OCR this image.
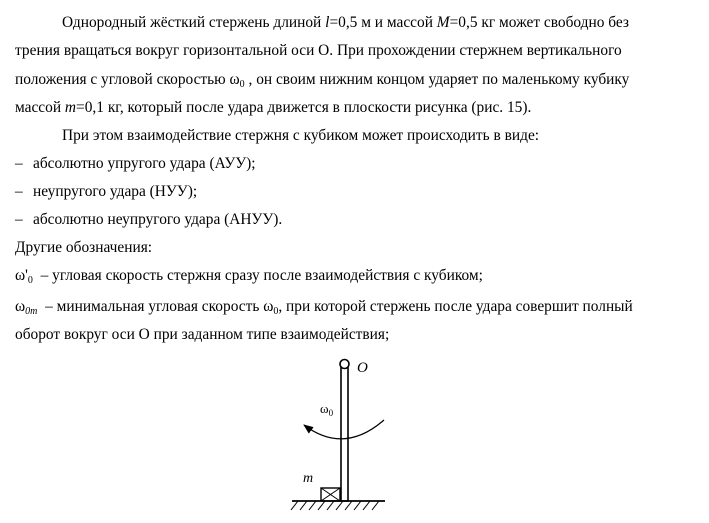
Однородный жёсткий стержень длиной l=0,5 м и массой M=0,5 кг может свободно без
трения вращаться вокруг горизонтальной оси О. При прохождении стержнем вертикального
положения с угловой скоростью $\omega_0$ , он своим нижним концом ударяет по маленькому кубику
массой m=0,1 кг, который после удара движется в плоскости рисунка (рис. 15).
При этом взаимодействие стержня с кубиком может происходить в виде:
– абсолютно упругого удара (АУУ);
– неупругого удара (НУУ);
– абсолютно неупругого удара (АНУУ).
Другие обозначения:
$\omega'_0$  – угловая скорость стержня сразу после взаимодействия с кубиком;
$\omega_{0m}$  – минимальная угловая скорость $\omega_0$, при которой стержень после удара совершит полный
оборот вокруг оси О при заданном типе взаимодействия;
O
$\omega_0$
m
